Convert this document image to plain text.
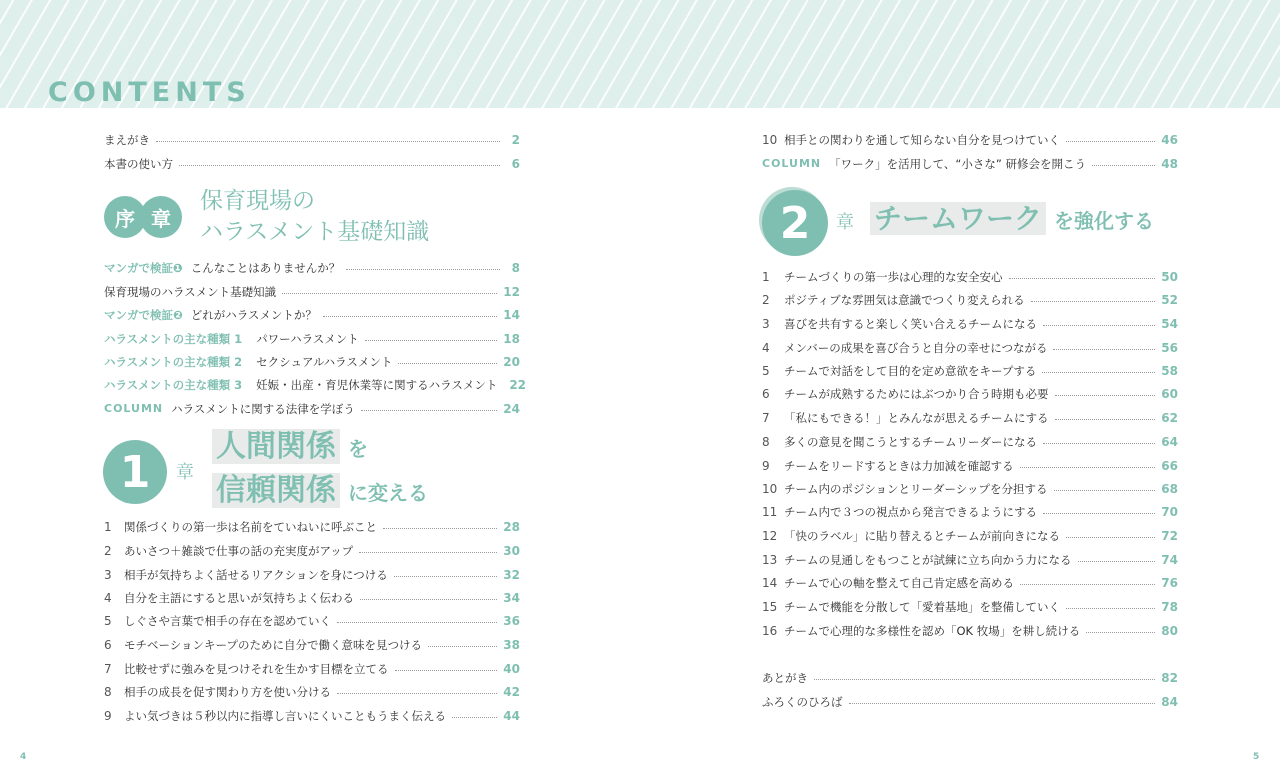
CONTENTS
まえがき	2
本書の使い方	6
序 章
保育現場の
ハラスメント基礎知識
マンガで検証❶ こんなことはありませんか？	8
保育現場のハラスメント基礎知識	12
マンガで検証❷ どれがハラスメントか？	14
ハラスメントの主な種類 1 パワーハラスメント	18
ハラスメントの主な種類 2 セクシュアルハラスメント	20
ハラスメントの主な種類 3 妊娠・出産・育児休業等に関するハラスメント 22
COLUMN ハラスメントに関する法律を学ぼう	24
1 章
人間関係 を
信頼関係 に変える
1	関係づくりの第一歩は名前をていねいに呼ぶこと	28
2	あいさつ＋雑談で仕事の話の充実度がアップ	30
3	相手が気持ちよく話せるリアクションを身につける	32
4	自分を主語にすると思いが気持ちよく伝わる	34
5	しぐさや言葉で相手の存在を認めていく	36
6	モチベーションキープのために自分で働く意味を見つける	38
7	比較せずに強みを見つけそれを生かす目標を立てる	40
8	相手の成長を促す関わり方を使い分ける	42
9	よい気づきは５秒以内に指導し言いにくいこともうまく伝える	44
10 相手との関わりを通して知らない自分を見つけていく	46
COLUMN 「ワーク」を活用して、“小さな” 研修会を開こう	48
2 章 チームワーク を強化する
1	チームづくりの第一歩は心理的な安全安心	50
2	ポジティブな雰囲気は意識でつくり変えられる	52
3	喜びを共有すると楽しく笑い合えるチームになる	54
4	メンバーの成果を喜び合うと自分の幸せにつながる	56
5	チームで対話をして目的を定め意欲をキープする	58
6	チームが成熟するためにはぶつかり合う時期も必要	60
7	「私にもできる！」とみんなが思えるチームにする	62
8	多くの意見を聞こうとするチームリーダーになる	64
9	チームをリードするときは力加減を確認する	66
10 チーム内のポジションとリーダーシップを分担する	68
11 チーム内で３つの視点から発言できるようにする	70
12 「快のラベル」に貼り替えるとチームが前向きになる	72
13 チームの見通しをもつことが試練に立ち向かう力になる	74
14 チームで心の軸を整えて自己肯定感を高める	76
15 チームで機能を分散して「愛着基地」を整備していく	78
16 チームで心理的な多様性を認め「OK 牧場」を耕し続ける	80
あとがき	82
ふろくのひろば	84
4	5
